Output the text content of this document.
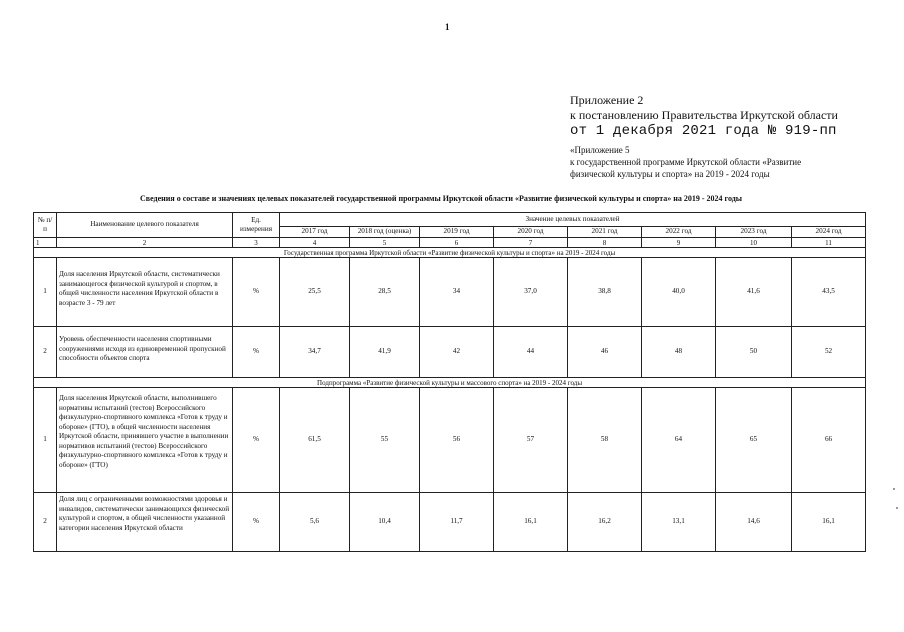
1
Приложение 2
к постановлению Правительства Иркутской области
от 1 декабря 2021 года № 919-пп
«Приложение 5
к государственной программе Иркутской области «Развитие
физической культуры и спорта» на 2019 - 2024 годы
Сведения о составе и значениях целевых показателей государственной программы Иркутской области «Развитие физической культуры и спорта» на 2019 - 2024 годы
№ п/п	Наименование целевого показателя	Ед. измерения	Значение целевых показателей							
			2017 год	2018 год (оценка)	2019 год	2020 год	2021 год	2022 год	2023 год	2024 год
1	2	3	4	5	6	7	8	9	10	11
Государственная программа Иркутской области «Развитие физической культуры и спорта» на 2019 - 2024 годы										
1	Доля населения Иркутской области, систематически занимающегося физической культурой и спортом, в общей численности населения Иркутской области в возрасте 3 - 79 лет	%	25,5	28,5	34	37,0	38,8	40,0	41,6	43,5
2	Уровень обеспеченности населения спортивными сооружениями исходя из единовременной пропускной способности объектов спорта	%	34,7	41,9	42	44	46	48	50	52
Подпрограмма «Развитие физической культуры и массового спорта» на 2019 - 2024 годы										
1	Доля населения Иркутской области, выполнившего нормативы испытаний (тестов) Всероссийского физкультурно-спортивного комплекса «Готов к труду и обороне» (ГТО), в общей численности населения Иркутской области, принявшего участие в выполнении нормативов испытаний (тестов) Всероссийского физкультурно-спортивного комплекса «Готов к труду и обороне» (ГТО)	%	61,5	55	56	57	58	64	65	66
2	Доля лиц с ограниченными возможностями здоровья и инвалидов, систематически занимающихся физической культурой и спортом, в общей численности указанной категории населения Иркутской области	%	5,6	10,4	11,7	16,1	16,2	13,1	14,6	16,1
